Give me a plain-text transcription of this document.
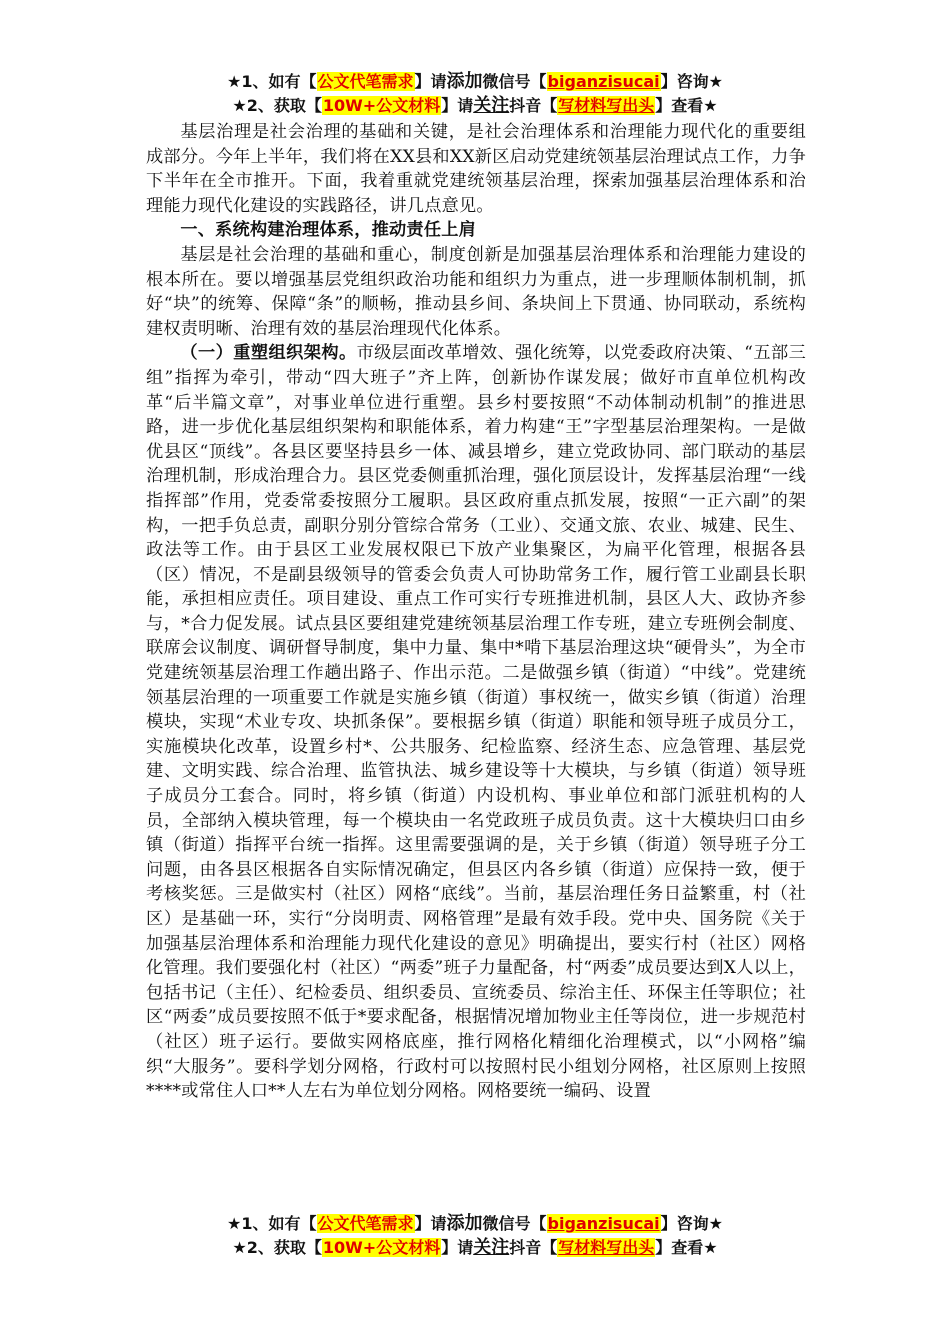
★1、如有【公文代笔需求】请添加微信号【biganzisucai】咨询★
★2、获取【10W+公文材料】请关注抖音【写材料写出头】查看★

基层治理是社会治理的基础和关键，是社会治理体系和治理能力现代化的重要组成部分。今年上半年，我们将在XX县和XX新区启动党建统领基层治理试点工作，力争下半年在全市推开。下面，我着重就党建统领基层治理，探索加强基层治理体系和治理能力现代化建设的实践路径，讲几点意见。

一、系统构建治理体系，推动责任上肩

基层是社会治理的基础和重心，制度创新是加强基层治理体系和治理能力建设的根本所在。要以增强基层党组织政治功能和组织力为重点，进一步理顺体制机制，抓好“块”的统筹、保障“条”的顺畅，推动县乡间、条块间上下贯通、协同联动，系统构建权责明晰、治理有效的基层治理现代化体系。

（一）重塑组织架构。市级层面改革增效、强化统筹，以党委政府决策、“五部三组”指挥为牵引，带动“四大班子”齐上阵，创新协作谋发展；做好市直单位机构改革“后半篇文章”，对事业单位进行重塑。县乡村要按照“不动体制动机制”的推进思路，进一步优化基层组织架构和职能体系，着力构建“王”字型基层治理架构。一是做优县区“顶线”。各县区要坚持县乡一体、减县增乡，建立党政协同、部门联动的基层治理机制，形成治理合力。县区党委侧重抓治理，强化顶层设计，发挥基层治理“一线指挥部”作用，党委常委按照分工履职。县区政府重点抓发展，按照“一正六副”的架构，一把手负总责，副职分别分管综合常务（工业）、交通文旅、农业、城建、民生、政法等工作。由于县区工业发展权限已下放产业集聚区，为扁平化管理，根据各县（区）情况，不是副县级领导的管委会负责人可协助常务工作，履行管工业副县长职能，承担相应责任。项目建设、重点工作可实行专班推进机制，县区人大、政协齐参与，*合力促发展。试点县区要组建党建统领基层治理工作专班，建立专班例会制度、联席会议制度、调研督导制度，集中力量、集中*啃下基层治理这块“硬骨头”，为全市党建统领基层治理工作趟出路子、作出示范。二是做强乡镇（街道）“中线”。党建统领基层治理的一项重要工作就是实施乡镇（街道）事权统一，做实乡镇（街道）治理模块，实现“术业专攻、块抓条保”。要根据乡镇（街道）职能和领导班子成员分工，实施模块化改革，设置乡村*、公共服务、纪检监察、经济生态、应急管理、基层党建、文明实践、综合治理、监管执法、城乡建设等十大模块，与乡镇（街道）领导班子成员分工套合。同时，将乡镇（街道）内设机构、事业单位和部门派驻机构的人员，全部纳入模块管理，每一个模块由一名党政班子成员负责。这十大模块归口由乡镇（街道）指挥平台统一指挥。这里需要强调的是，关于乡镇（街道）领导班子分工问题，由各县区根据各自实际情况确定，但县区内各乡镇（街道）应保持一致，便于考核奖惩。三是做实村（社区）网格“底线”。当前，基层治理任务日益繁重，村（社区）是基础一环，实行“分岗明责、网格管理”是最有效手段。党中央、国务院《关于加强基层治理体系和治理能力现代化建设的意见》明确提出，要实行村（社区）网格化管理。我们要强化村（社区）“两委”班子力量配备，村“两委”成员要达到X人以上，包括书记（主任）、纪检委员、组织委员、宣统委员、综治主任、环保主任等职位；社区“两委”成员要按照不低于*要求配备，根据情况增加物业主任等岗位，进一步规范村（社区）班子运行。要做实网格底座，推行网格化精细化治理模式，以“小网格”编织“大服务”。要科学划分网格，行政村可以按照村民小组划分网格，社区原则上按照****或常住人口**人左右为单位划分网格。网格要统一编码、设置

★1、如有【公文代笔需求】请添加微信号【biganzisucai】咨询★
★2、获取【10W+公文材料】请关注抖音【写材料写出头】查看★
